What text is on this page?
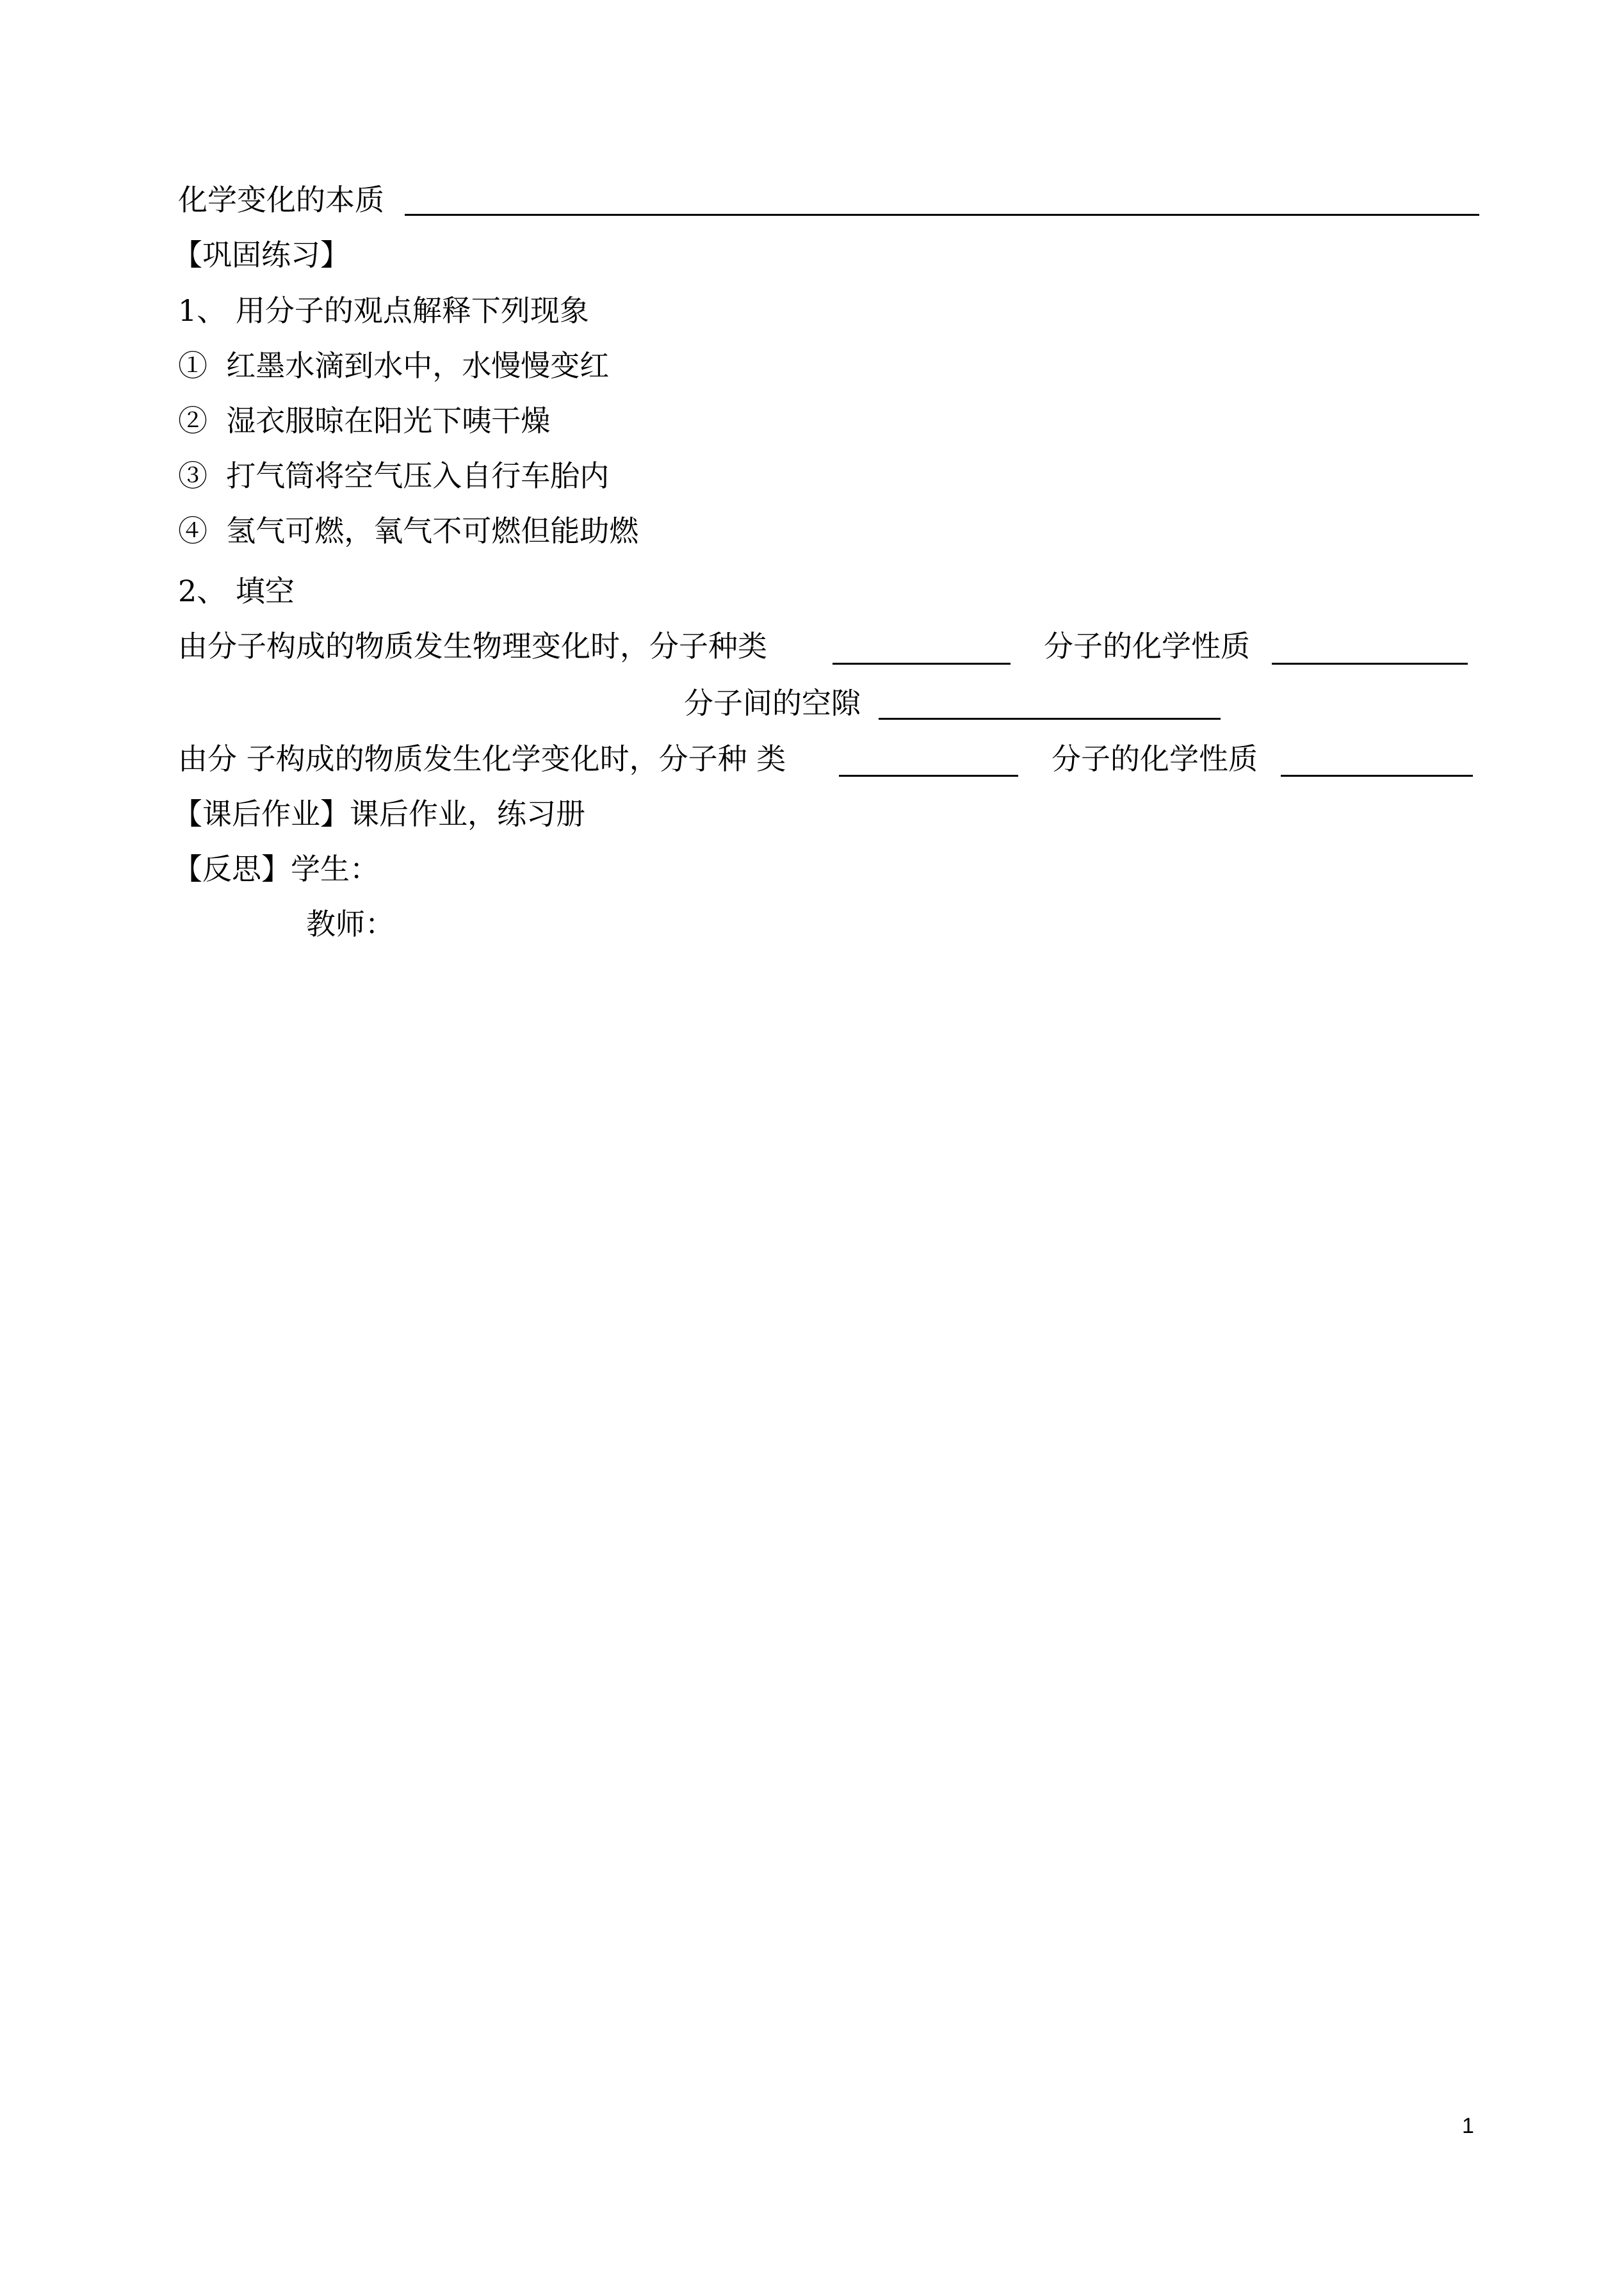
化学变化的本质
【巩固练习】
1、 用分子的观点解释下列现象
①  红墨水滴到水中，水慢慢变红
②  湿衣服晾在阳光下咦干燥
③  打气筒将空气压入自行车胎内
④  氢气可燃，氧气不可燃但能助燃
2、 填空
由分子构成的物质发生物理变化时，分子种类	分子的化学性质
分子间的空隙
由分 子构成的物质发生化学变化时，分子种 类	分子的化学性质
【课后作业】课后作业，练习册
【反思】学生：
教师：
1
